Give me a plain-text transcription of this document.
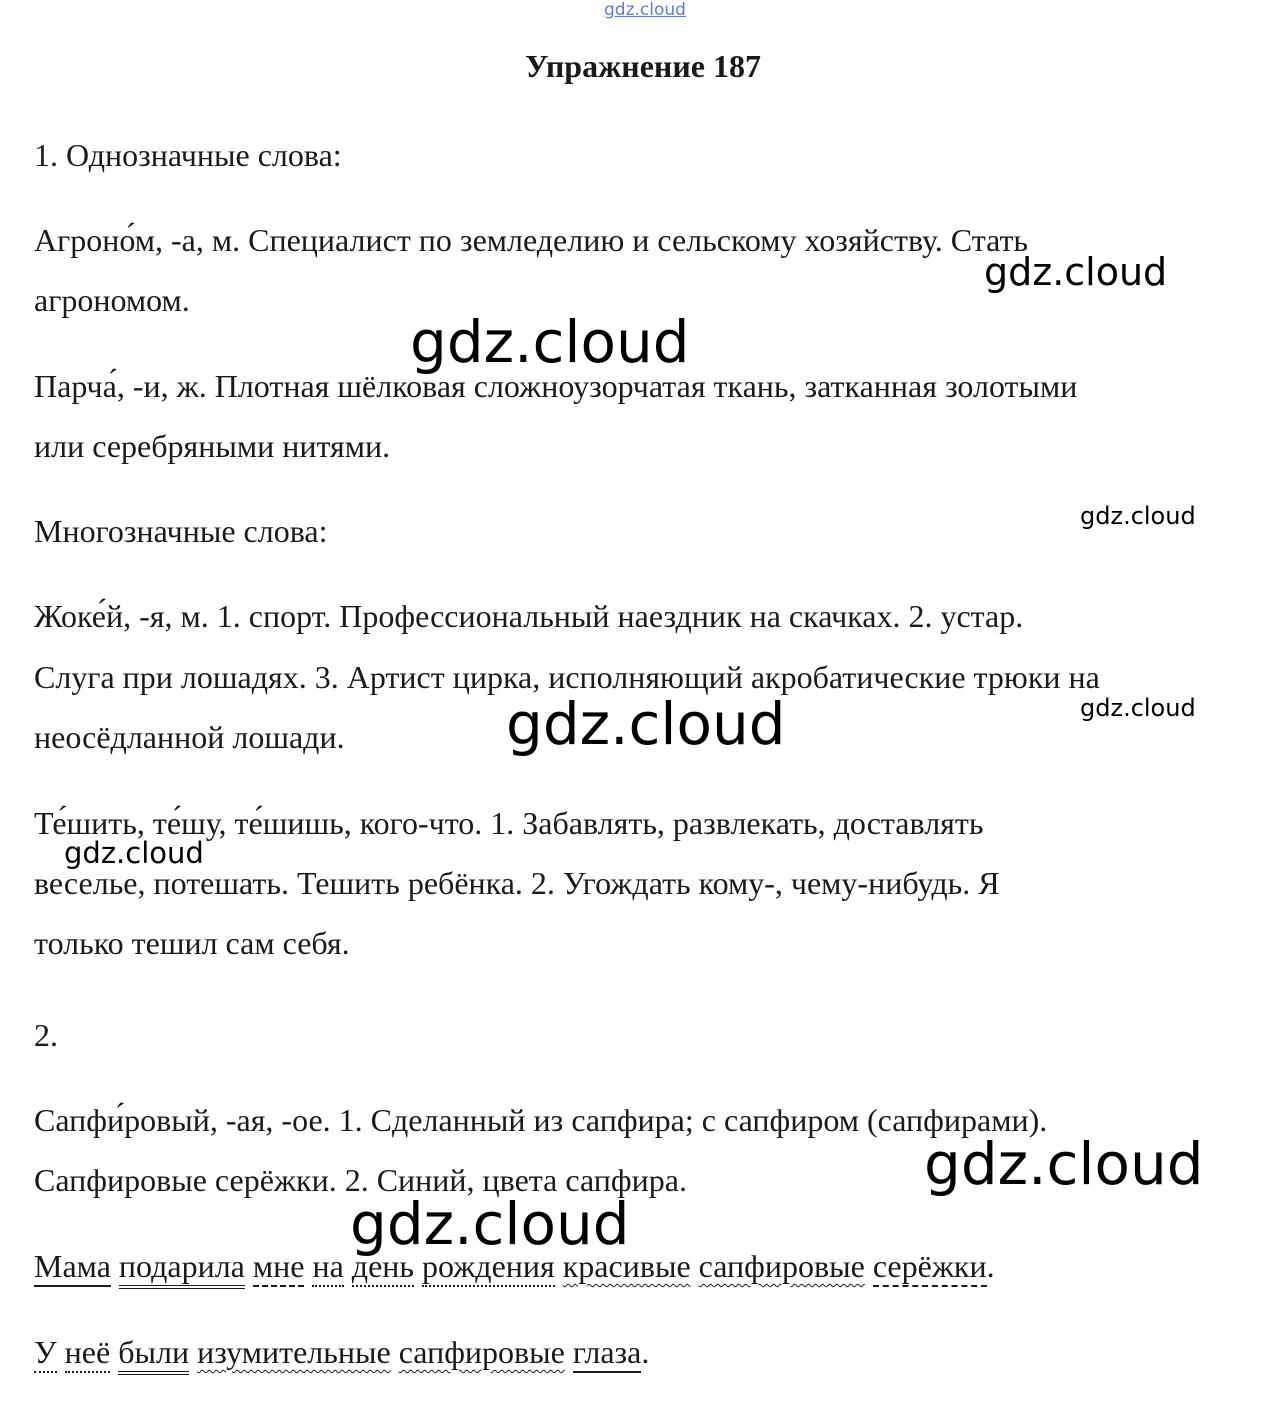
gdz.cloud
gdz.cloud
gdz.cloud
gdz.cloud
gdz.cloud
gdz.cloud
gdz.cloud
gdz.cloud
gdz.cloud
Упражнение 187
1. Однозначные слова:
Агроно́м, -а, м. Специалист по земледелию и сельскому хозяйству. Стать
агрономом.
Парча́, -и, ж. Плотная шёлковая сложноузорчатая ткань, затканная золотыми
или серебряными нитями.
Многозначные слова:
Жоке́й, -я, м. 1. спорт. Профессиональный наездник на скачках. 2. устар.
Слуга при лошадях. 3. Артист цирка, исполняющий акробатические трюки на
неосёдланной лошади.
Те́шить, те́шу, те́шишь, кого-что. 1. Забавлять, развлекать, доставлять
веселье, потешать. Тешить ребёнка. 2. Угождать кому-, чему-нибудь. Я
только тешил сам себя.
2.
Сапфи́ровый, -ая, -ое. 1. Сделанный из сапфира; с сапфиром (сапфирами).
Сапфировые серёжки. 2. Синий, цвета сапфира.
Мама подарила мне на день рождения красивые сапфировые серёжки.
У неё были изумительные сапфировые глаза.
